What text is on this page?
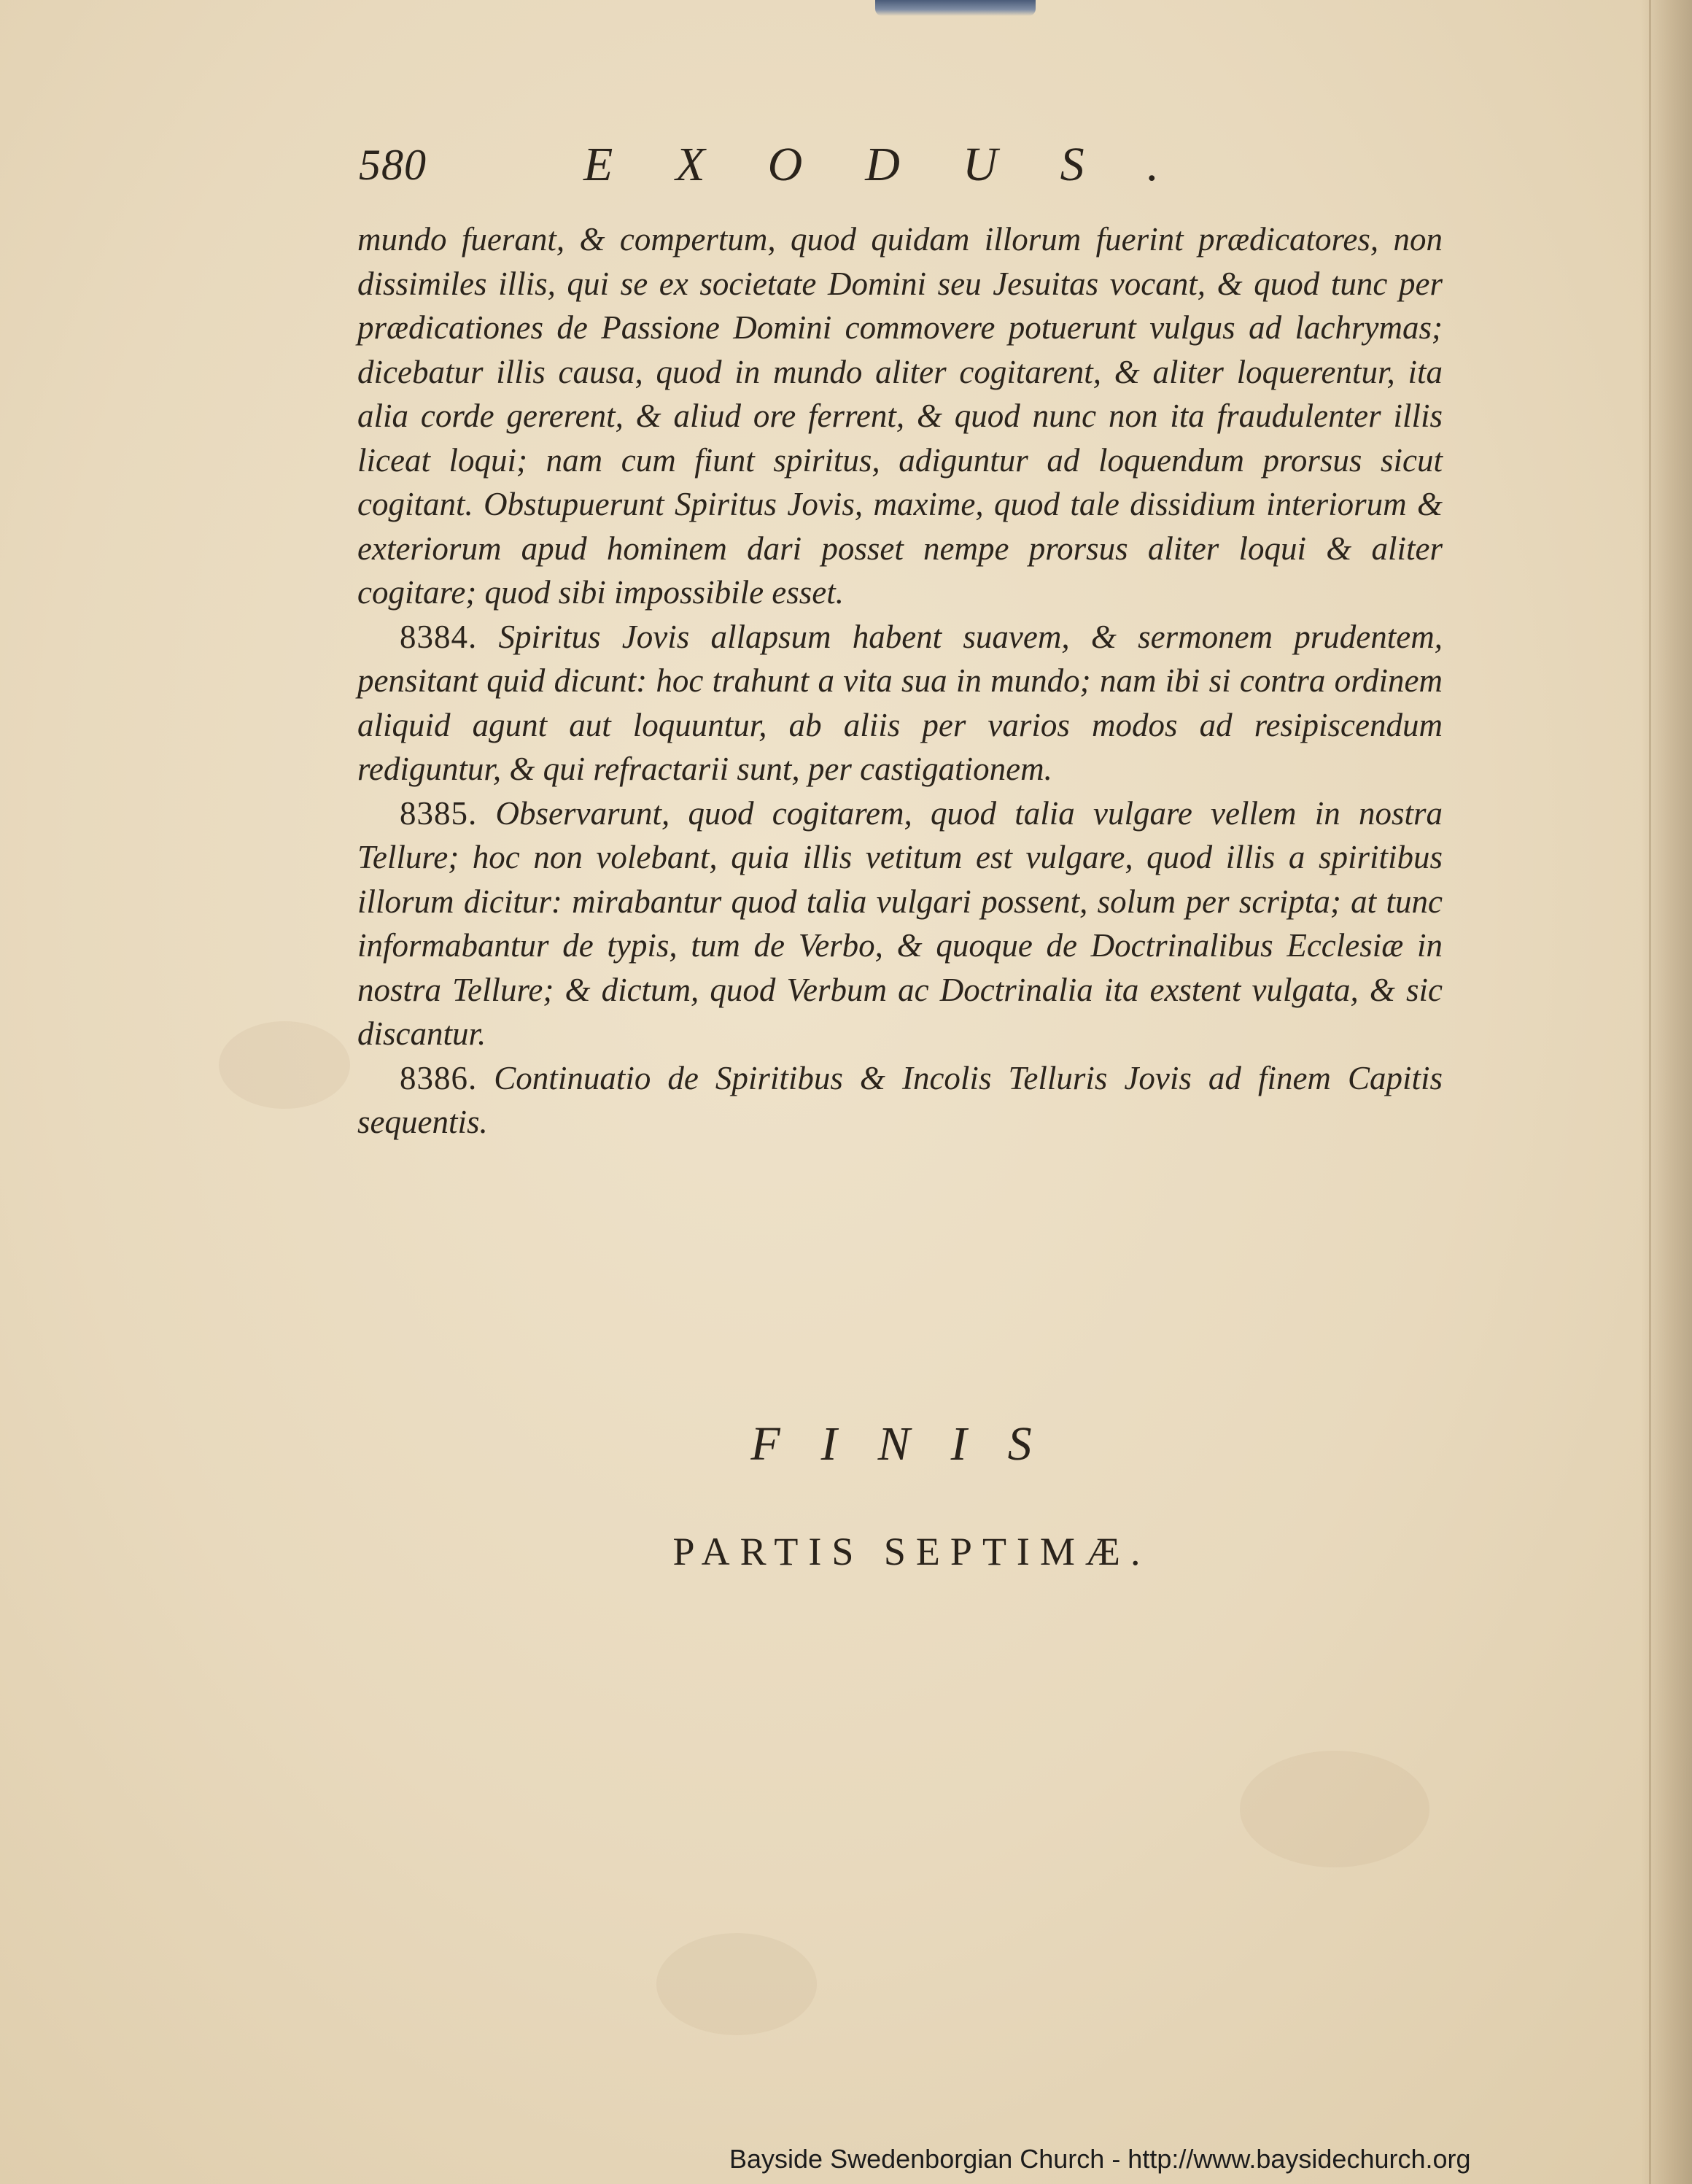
580	EXODUS.

mundo fuerant, & compertum, quod quidam illorum fuerint prædicatores, non dissimiles illis, qui se ex societate Domini seu Jesuitas vocant, & quod tunc per prædicationes de Passione Domini commovere potuerunt vulgus ad lachrymas; dicebatur illis causa, quod in mundo aliter cogitarent, & aliter loquerentur, ita alia corde gererent, & aliud ore ferrent, & quod nunc non ita fraudulenter illis liceat loqui; nam cum fiunt spiritus, adiguntur ad loquendum prorsus sicut cogitant. Obstupuerunt Spiritus Jovis, maxime, quod tale dissidium interiorum & exteriorum apud hominem dari posset nempe prorsus aliter loqui & aliter cogitare; quod sibi impossibile esset.

8384. Spiritus Jovis allapsum habent suavem, & sermonem prudentem, pensitant quid dicunt: hoc trahunt a vita sua in mundo; nam ibi si contra ordinem aliquid agunt aut loquuntur, ab aliis per varios modos ad resipiscendum rediguntur, & qui refractarii sunt, per castigationem.

8385. Observarunt, quod cogitarem, quod talia vulgare vellem in nostra Tellure; hoc non volebant, quia illis vetitum est vulgare, quod illis a spiritibus illorum dicitur: mirabantur quod talia vulgari possent, solum per scripta; at tunc informabantur de typis, tum de Verbo, & quoque de Doctrinalibus Ecclesiæ in nostra Tellure; & dictum, quod Verbum ac Doctrinalia ita exstent vulgata, & sic discantur.

8386. Continuatio de Spiritibus & Incolis Telluris Jovis ad finem Capitis sequentis.

FINIS
PARTIS SEPTIMÆ.
Bayside Swedenborgian Church - http://www.baysidechurch.org
